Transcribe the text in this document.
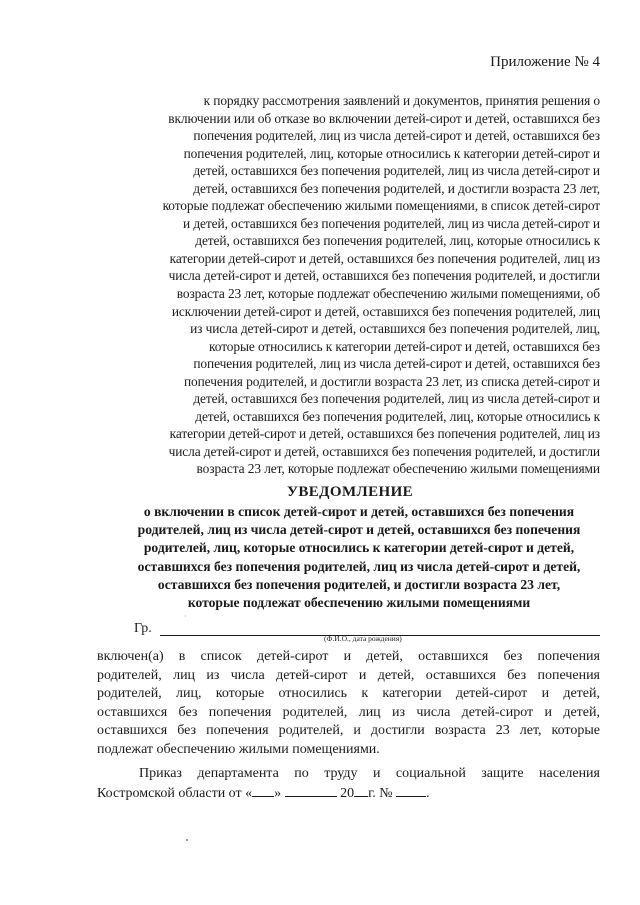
Приложение № 4
к порядку рассмотрения заявлений и документов, принятия решения о
включении или об отказе во включении детей-сирот и детей, оставшихся без
попечения родителей, лиц из числа детей-сирот и детей, оставшихся без
попечения родителей, лиц, которые относились к категории детей-сирот и
детей, оставшихся без попечения родителей, лиц из числа детей-сирот и
детей, оставшихся без попечения родителей, и достигли возраста 23 лет,
которые подлежат обеспечению жилыми помещениями, в список детей-сирот
и детей, оставшихся без попечения родителей, лиц из числа детей-сирот и
детей, оставшихся без попечения родителей, лиц, которые относились к
категории детей-сирот и детей, оставшихся без попечения родителей, лиц из
числа детей-сирот и детей, оставшихся без попечения родителей, и достигли
возраста 23 лет, которые подлежат обеспечению жилыми помещениями, об
исключении детей-сирот и детей, оставшихся без попечения родителей, лиц
из числа детей-сирот и детей, оставшихся без попечения родителей, лиц,
которые относились к категории детей-сирот и детей, оставшихся без
попечения родителей, лиц из числа детей-сирот и детей, оставшихся без
попечения родителей, и достигли возраста 23 лет, из списка детей-сирот и
детей, оставшихся без попечения родителей, лиц из числа детей-сирот и
детей, оставшихся без попечения родителей, лиц, которые относились к
категории детей-сирот и детей, оставшихся без попечения родителей, лиц из
числа детей-сирот и детей, оставшихся без попечения родителей, и достигли
возраста 23 лет, которые подлежат обеспечению жилыми помещениями
УВЕДОМЛЕНИЕ
о включении в список детей-сирот и детей, оставшихся без попечения
родителей, лиц из числа детей-сирот и детей, оставшихся без попечения
родителей, лиц, которые относились к категории детей-сирот и детей,
оставшихся без попечения родителей, лиц из числа детей-сирот и детей,
оставшихся без попечения родителей, и достигли возраста 23 лет,
которые подлежат обеспечению жилыми помещениями
·
Гр.
(Ф.И.О., дата рождения)
включен(а) в список детей-сирот и детей, оставшихся без попечения
родителей, лиц из числа детей-сирот и детей, оставшихся без попечения
родителей, лиц, которые относились к категории детей-сирот и детей,
оставшихся без попечения родителей, лиц из числа детей-сирот и детей,
оставшихся без попечения родителей, и достигли возраста 23 лет, которые
подлежат обеспечению жилыми помещениями.
Приказ департамента по труду и социальной защите населения
Костромской области от « »	20 г. № .
